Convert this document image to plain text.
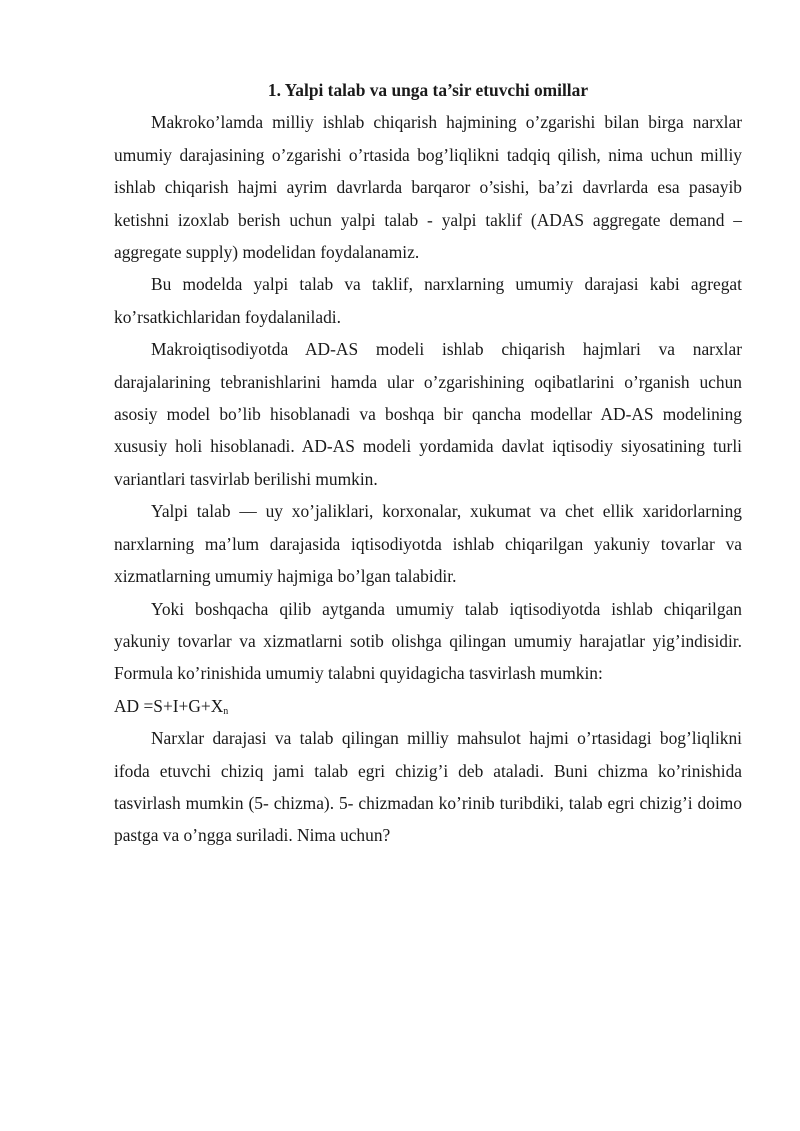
1. Yalpi talab va unga ta’sir etuvchi omillar

Makroko’lamda milliy ishlab chiqarish hajmining o’zgarishi bilan birga narxlar umumiy darajasining o’zgarishi o’rtasida bog’liqlikni tadqiq qilish, nima uchun milliy ishlab chiqarish hajmi ayrim davrlarda barqaror o’sishi, ba’zi davrlarda esa pasayib ketishni izoxlab berish uchun yalpi talab - yalpi taklif (ADAS aggregate demand – aggregate supply) modelidan foydalanamiz.

Bu modelda yalpi talab va taklif, narxlarning umumiy darajasi kabi agregat ko’rsatkichlaridan foydalaniladi.

Makroiqtisodiyotda AD-AS modeli ishlab chiqarish hajmlari va narxlar darajalarining tebranishlarini hamda ular o’zgarishining oqibatlarini o’rganish uchun asosiy model bo’lib hisoblanadi va boshqa bir qancha modellar AD-AS modelining xususiy holi hisoblanadi. AD-AS modeli yordamida davlat iqtisodiy siyosatining turli variantlari tasvirlab berilishi mumkin.

Yalpi talab — uy xo’jaliklari, korxonalar, xukumat va chet ellik xaridorlarning narxlarning ma’lum darajasida iqtisodiyotda ishlab chiqarilgan yakuniy tovarlar va xizmatlarning umumiy hajmiga bo’lgan talabidir.

Yoki boshqacha qilib aytganda umumiy talab iqtisodiyotda ishlab chiqarilgan yakuniy tovarlar va xizmatlarni sotib olishga qilingan umumiy harajatlar yig’indisidir. Formula ko’rinishida umumiy talabni quyidagicha tasvirlash mumkin:

AD $=S+I+G+X_n$

Narxlar darajasi va talab qilingan milliy mahsulot hajmi o’rtasidagi bog’liqlikni ifoda etuvchi chiziq jami talab egri chizig’i deb ataladi. Buni chizma ko’rinishida tasvirlash mumkin (5- chizma). 5- chizmadan ko’rinib turibdiki, talab egri chizig’i doimo pastga va o’ngga suriladi. Nima uchun?
